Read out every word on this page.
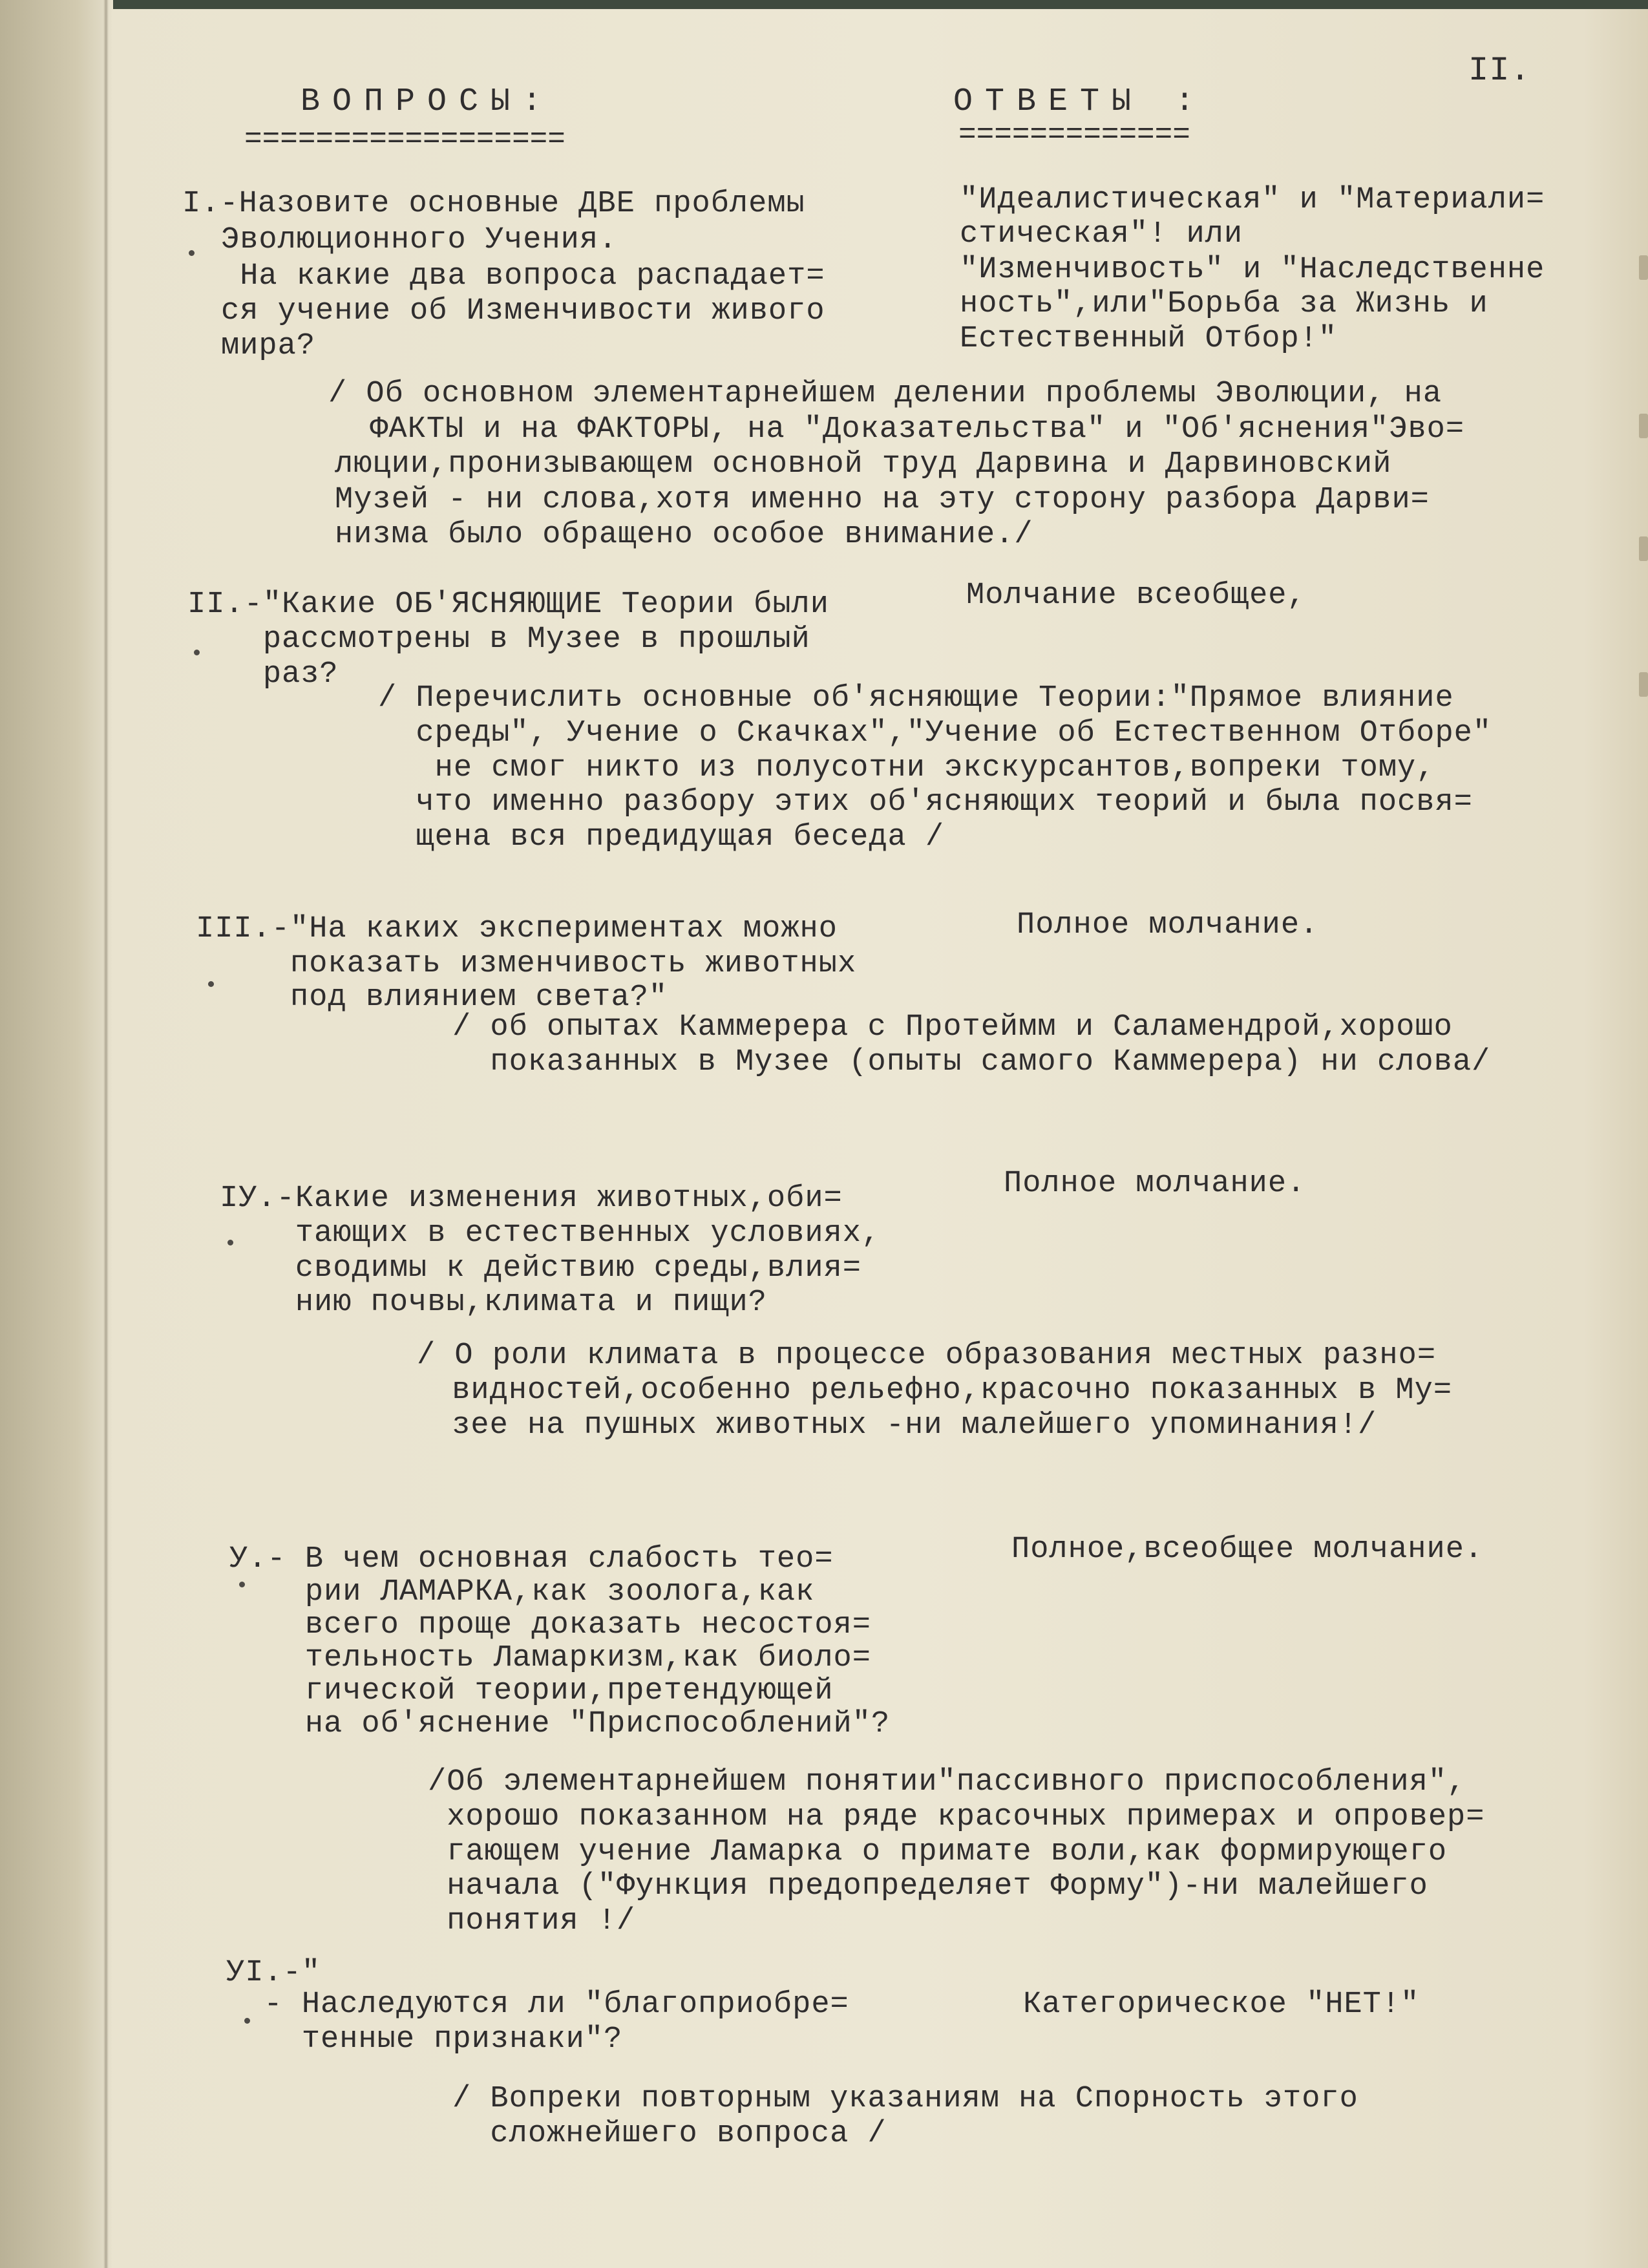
II.
ВОПРОСЫ:
==================
ОТВЕТЫ :
=============
I.-Назовите основные ДВЕ проблемы
Эволюционного Учения.
На какие два вопроса распадает=
ся учение об Изменчивости живого
мира?
"Идеалистическая" и "Материали=
стическая"! или
"Изменчивость" и "Наследственнe
ность",или"Борьба за Жизнь и
Естественный Отбор!"
/ Об основном элементарнейшем делении проблемы Эволюции, на
ФАКТЫ и на ФАКТОРЫ, на "Доказательства" и "Об'яснения"Эво=
люции,пронизывающем основной труд Дарвина и Дарвиновский
Музей - ни слова,хотя именно на эту сторону разбора Дарви=
низма было обращено особое внимание./
II.-"Какие ОБ'ЯСНЯЮЩИЕ Теории были
рассмотрены в Музее в прошлый
раз?
Молчание всеобщее,
/ Перечислить основные об'ясняющие Теории:"Прямое влияние
среды", Учение о Скачках","Учение об Естественном Отборе"
не смог никто из полусотни экскурсантов,вопреки тому,
что именно разбору этих об'ясняющих теорий и была посвя=
щена вся предидущая беседа /
III.-"На каких экспериментах можно
показать изменчивость животных
под влиянием света?"
Полное молчание.
/ об опытах Каммерера с Протеймм и Саламендрой,хорошо
показанных в Музее (опыты самого Каммерера) ни слова/
IУ.-Какие изменения животных,оби=
тающих в естественных условиях,
сводимы к действию среды,влия=
нию почвы,климата и пищи?
Полное молчание.
/ О роли климата в процессе образования местных разно=
видностей,особенно рельефно,красочно показанных в Му=
зее на пушных животных -ни малейшего упоминания!/
У.- В чем основная слабость тeo=
рии ЛАМАРКА,как зоолога,как
всего проще доказать несостоя=
тельность Ламаркизм,как биоло=
гической теории,претендующей
на об'яснение "Приспособлений"?
Полное,всеобщее молчание.
/Об элементарнейшем понятии"пассивного приспособления",
хорошо показанном на ряде красочных примерах и опровер=
гающем учение Ламарка о примате воли,как формирующего
начала ("Функция предопределяет Форму")-ни малейшего
понятия !/
УI.-"
- Наследуются ли "благоприобре=
тенные признаки"?
Категорическое "НЕТ!"
/ Вопреки повторным указаниям на Спорность этого
сложнейшего вопроса /
